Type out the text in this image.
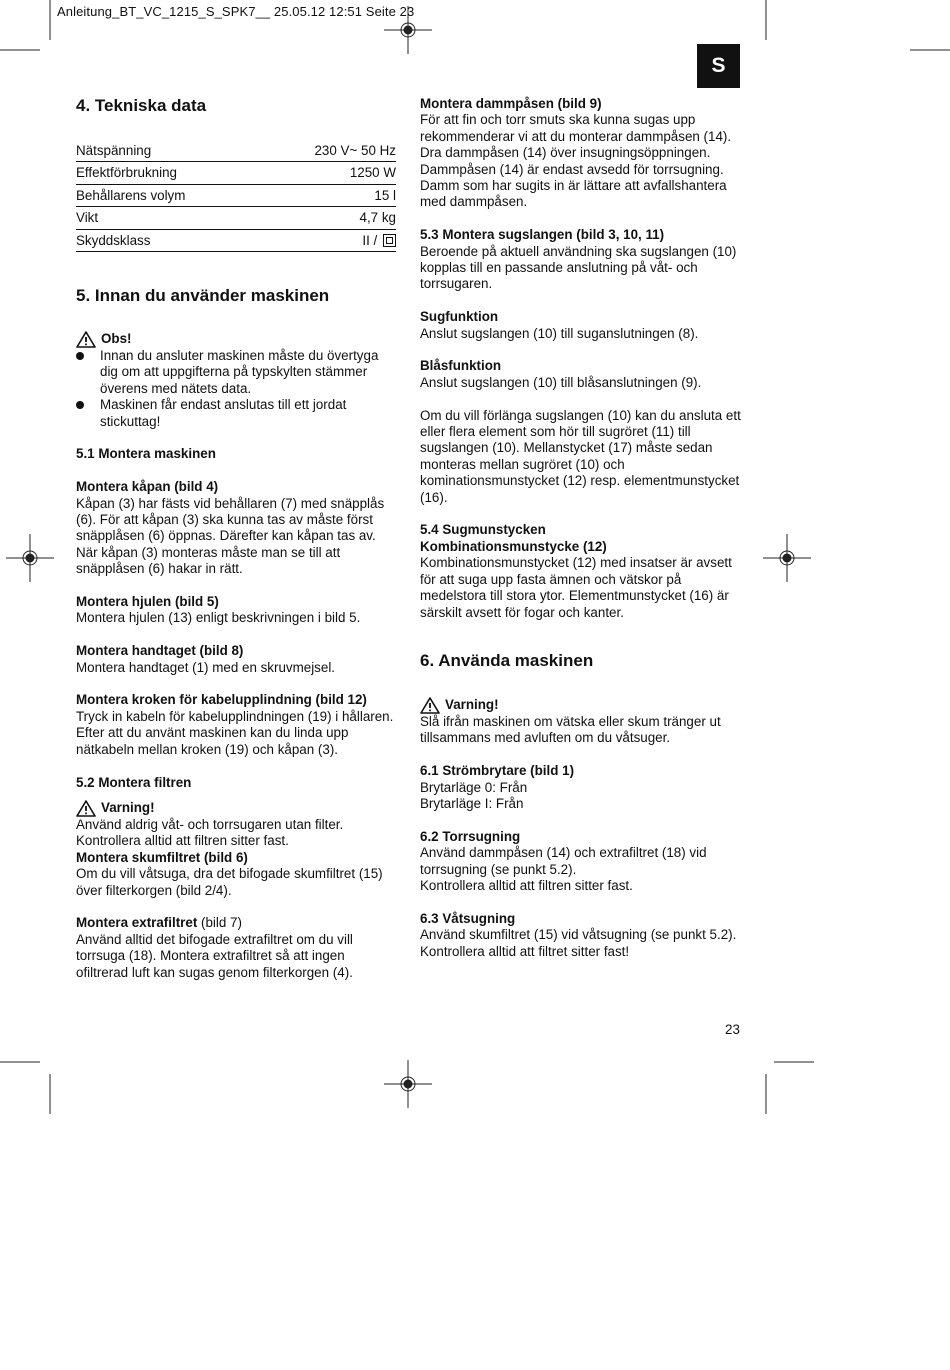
Anleitung_BT_VC_1215_S_SPK7__ 25.05.12 12:51 Seite 23
S
4. Tekniska data
Nätspänning	230 V~ 50 Hz
Effektförbrukning	1250 W
Behållarens volym	15 l
Vikt	4,7 kg
Skyddsklass	II /
5. Innan du använder maskinen
Obs!
Innan du ansluter maskinen måste du övertyga dig om att uppgifterna på typskylten stämmer överens med nätets data.
Maskinen får endast anslutas till ett jordat stickuttag!
5.1 Montera maskinen
Montera kåpan (bild 4)

Kåpan (3) har fästs vid behållaren (7) med snäpplås (6). För att kåpan (3) ska kunna tas av måste först snäpplåsen (6) öppnas. Därefter kan kåpan tas av. När kåpan (3) monteras måste man se till att snäpplåsen (6) hakar in rätt.

Montera hjulen (bild 5)

Montera hjulen (13) enligt beskrivningen i bild 5.

Montera handtaget (bild 8)

Montera handtaget (1) med en skruvmejsel.

Montera kroken för kabelupplindning (bild 12)

Tryck in kabeln för kabelupplindningen (19) i hållaren. Efter att du använt maskinen kan du linda upp nätkabeln mellan kroken (19) och kåpan (3).

5.2 Montera filtren
Varning!

Använd aldrig våt- och torrsugaren utan filter. Kontrollera alltid att filtren sitter fast.

Montera skumfiltret (bild 6)

Om du vill våtsuga, dra det bifogade skumfiltret (15) över filterkorgen (bild 2/4).

Montera extrafiltret (bild 7)

Använd alltid det bifogade extrafiltret om du vill torrsuga (18). Montera extrafiltret så att ingen ofiltrerad luft kan sugas genom filterkorgen (4).

Montera dammpåsen (bild 9)

För att fin och torr smuts ska kunna sugas upp rekommenderar vi att du monterar dammpåsen (14). Dra dammpåsen (14) över insugningsöppningen. Dammpåsen (14) är endast avsedd för torrsugning. Damm som har sugits in är lättare att avfallshantera med dammpåsen.

5.3 Montera sugslangen (bild 3, 10, 11)

Beroende på aktuell användning ska sugslangen (10) kopplas till en passande anslutning på våt- och torrsugaren.

Sugfunktion

Anslut sugslangen (10) till suganslutningen (8).

Blåsfunktion

Anslut sugslangen (10) till blåsanslutningen (9).

Om du vill förlänga sugslangen (10) kan du ansluta ett eller flera element som hör till sugröret (11) till sugslangen (10). Mellanstycket (17) måste sedan monteras mellan sugröret (10) och kominationsmunstycket (12) resp. elementmunstycket (16).

5.4 Sugmunstycken
Kombinationsmunstycke (12)

Kombinationsmunstycket (12) med insatser är avsett för att suga upp fasta ämnen och vätskor på medelstora till stora ytor. Elementmunstycket (16) är särskilt avsett för fogar och kanter.

6. Använda maskinen
Varning!

Slå ifrån maskinen om vätska eller skum tränger ut tillsammans med avluften om du våtsuger.

6.1 Strömbrytare (bild 1)

Brytarläge 0: Från

Brytarläge I: Från

6.2 Torrsugning

Använd dammpåsen (14) och extrafiltret (18) vid torrsugning (se punkt 5.2).

Kontrollera alltid att filtren sitter fast.

6.3 Våtsugning

Använd skumfiltret (15) vid våtsugning (se punkt 5.2).

Kontrollera alltid att filtret sitter fast!

23
